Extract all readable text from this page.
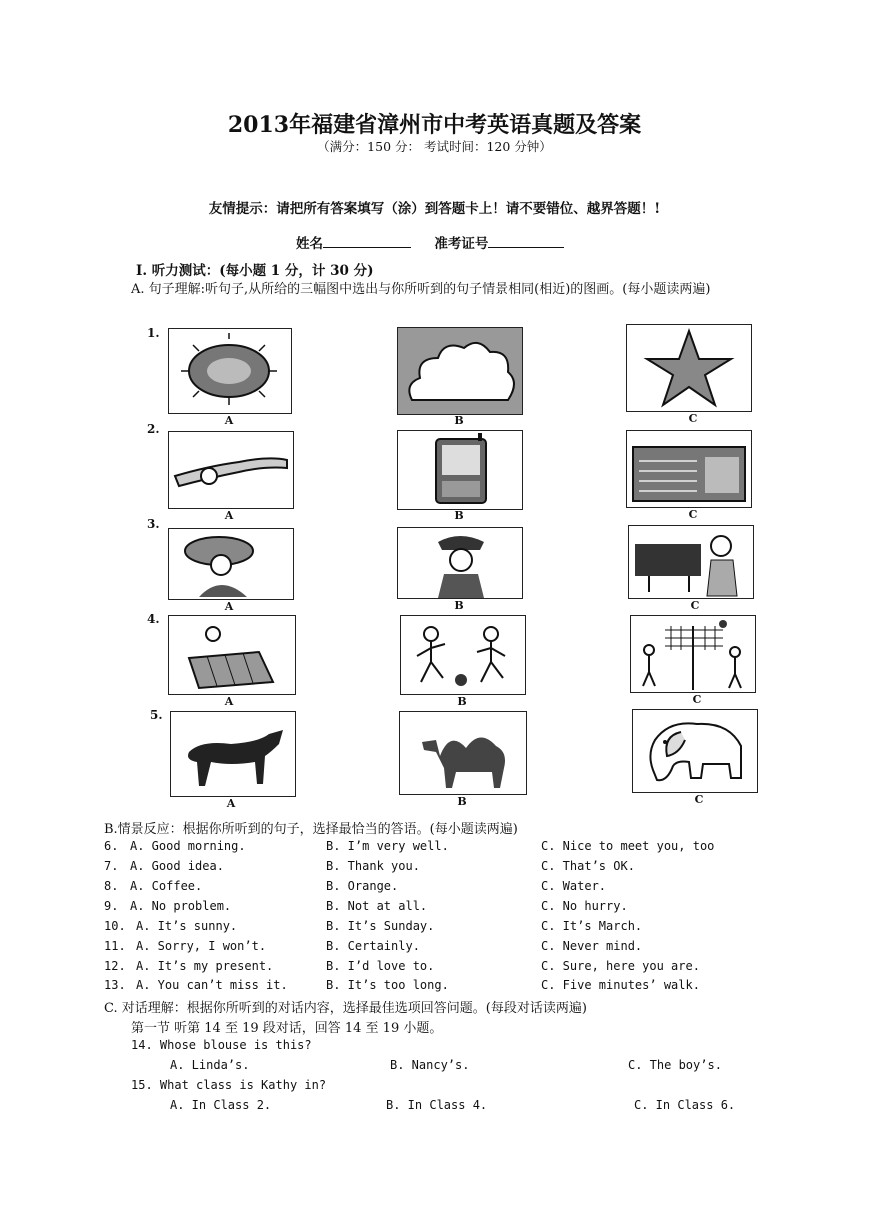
2013年福建省漳州市中考英语真题及答案
（满分：150 分： 考试时间：120 分钟）
友情提示：请把所有答案填写（涂）到答题卡上！请不要错位、越界答题！!
姓名	准考证号
Ⅰ. 听力测试：(每小题 1 分，计 30 分)
A. 句子理解:听句子,从所给的三幅图中选出与你所听到的句子情景相同(相近)的图画。(每小题读两遍)
1.
A	B	C
2.
A	B	C
3.
A	B	C
4.
A	B	C
5.
A	B	C
B.情景反应：根据你所听到的句子，选择最恰当的答语。(每小题读两遍)
6. A. Good morning.	B. I’m very well.	C. Nice to meet you, too
7. A. Good idea.	B. Thank you.	C. That’s OK.
8. A. Coffee.	B. Orange.	C. Water.
9. A. No problem.	B. Not at all.	C. No hurry.
10. A. It’s sunny.	B. It’s Sunday.	C. It’s March.
11. A. Sorry, I won’t.	B. Certainly.	C. Never mind.
12. A. It’s my present.	B. I’d love to.	C. Sure, here you are.
13. A. You can’t miss it.	B. It’s too long.	C. Five minutes’ walk.
C. 对话理解：根据你所听到的对话内容，选择最佳选项回答问题。(每段对话读两遍)
第一节 听第 14 至 19 段对话，回答 14 至 19 小题。
14. Whose blouse is this?
A. Linda’s.	B. Nancy’s.	C. The boy’s.
15. What class is Kathy in?
A. In Class 2.	B. In Class 4.	C. In Class 6.
